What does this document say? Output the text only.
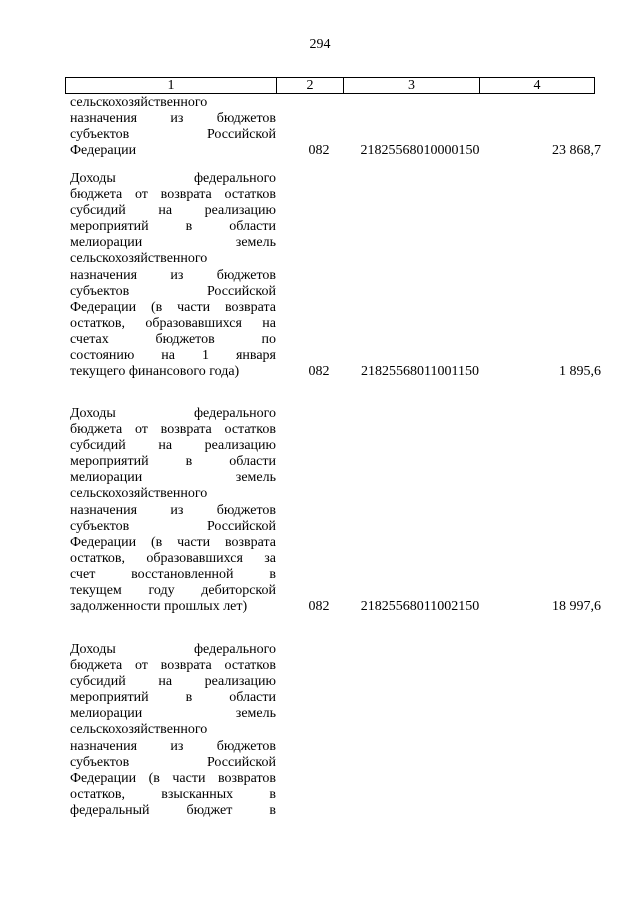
294
1	2	3	4
сельскохозяйственного
назначения из бюджетов
субъектов Российской
Федерации	082	21825568010000150	23 868,7
Доходы федерального
бюджета от возврата остатков
субсидий на реализацию
мероприятий в области
мелиорации земель
сельскохозяйственного
назначения из бюджетов
субъектов Российской
Федерации (в части возврата
остатков, образовавшихся на
счетах бюджетов по
состоянию на 1 января
текущего финансового года)	082	21825568011001150	1 895,6
Доходы федерального
бюджета от возврата остатков
субсидий на реализацию
мероприятий в области
мелиорации земель
сельскохозяйственного
назначения из бюджетов
субъектов Российской
Федерации (в части возврата
остатков, образовавшихся за
счет восстановленной в
текущем году дебиторской
задолженности прошлых лет)	082	21825568011002150	18 997,6
Доходы федерального
бюджета от возврата остатков
субсидий на реализацию
мероприятий в области
мелиорации земель
сельскохозяйственного
назначения из бюджетов
субъектов Российской
Федерации (в части возвратов
остатков, взысканных в
федеральный бюджет в
